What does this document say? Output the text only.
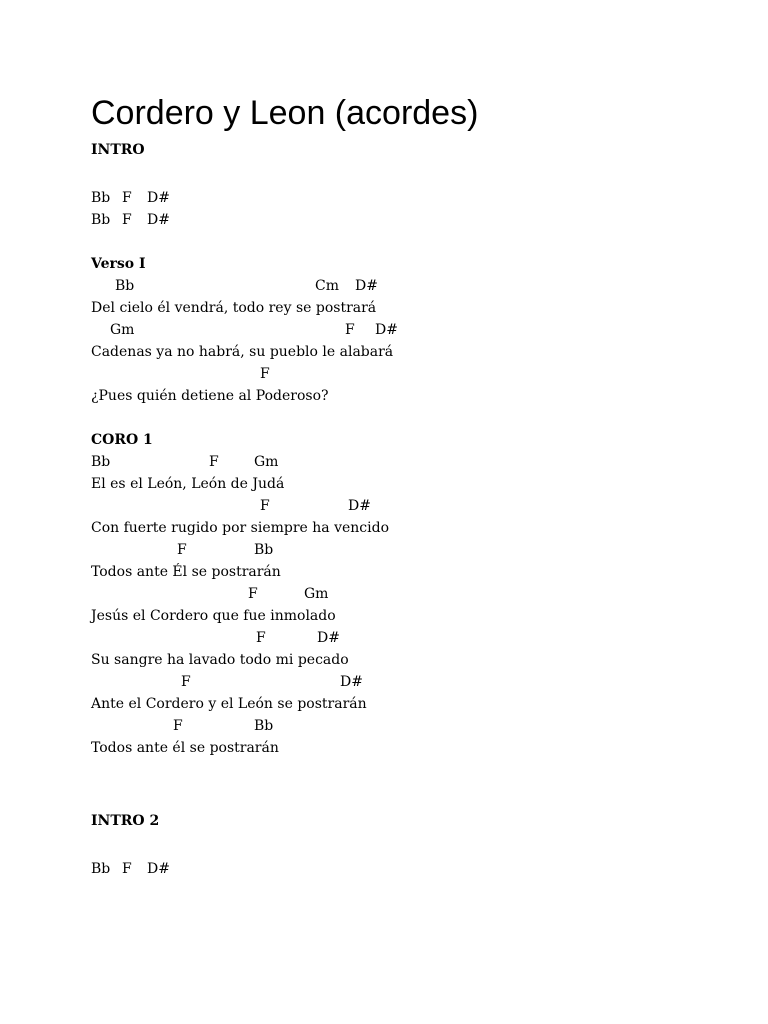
Cordero y Leon (acordes)
INTRO
Bb F D#
Bb F D#
Verso I
Bb	Cm D#
Del cielo él vendrá, todo rey se postrará
Gm	F D#
Cadenas ya no habrá, su pueblo le alabará
F
¿Pues quién detiene al Poderoso?
CORO 1
Bb	F	Gm
El es el León, León de Judá
F	D#
Con fuerte rugido por siempre ha vencido
F	Bb
Todos ante Él se postrarán
F	Gm
Jesús el Cordero que fue inmolado
F	D#
Su sangre ha lavado todo mi pecado
F	D#
Ante el Cordero y el León se postrarán
F	Bb
Todos ante él se postrarán
INTRO 2
Bb F D#
